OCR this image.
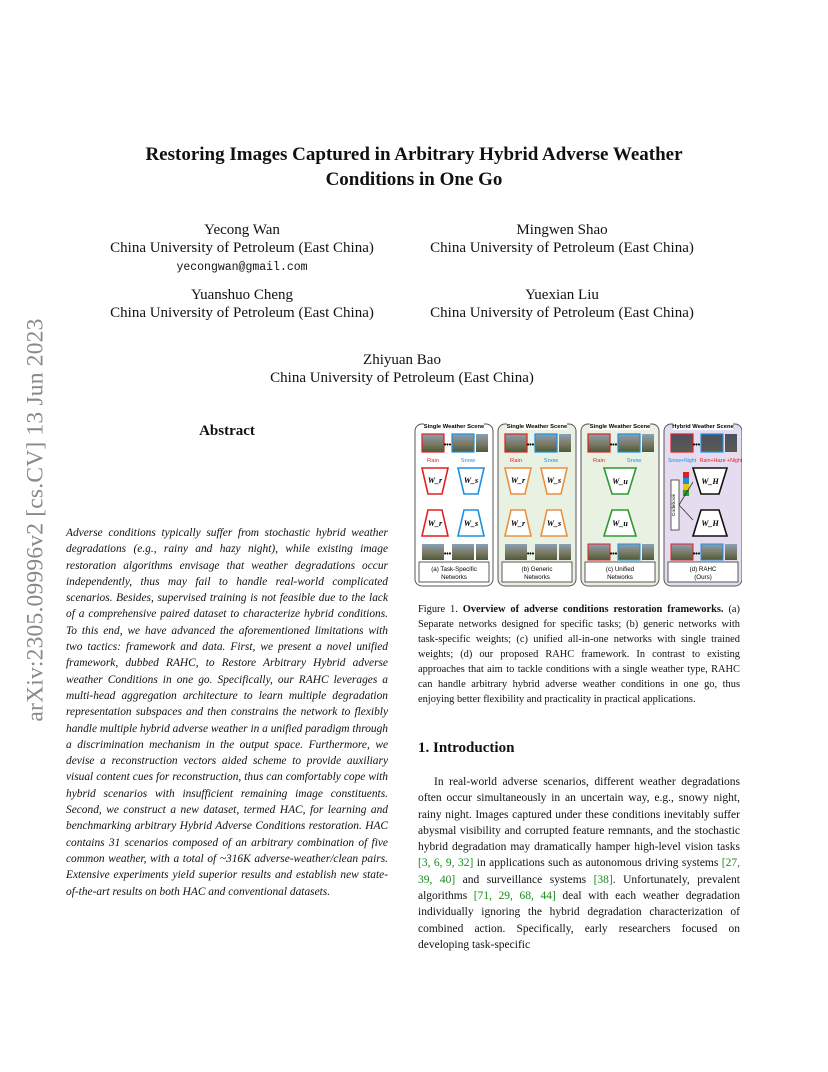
arXiv:2305.09996v2 [cs.CV] 13 Jun 2023
Restoring Images Captured in Arbitrary Hybrid Adverse Weather
Conditions in One Go
Yecong Wan
China University of Petroleum (East China)
yecongwan@gmail.com
Mingwen Shao
China University of Petroleum (East China)
Yuanshuo Cheng
China University of Petroleum (East China)
Yuexian Liu
China University of Petroleum (East China)
Zhiyuan Bao
China University of Petroleum (East China)
Abstract
Adverse conditions typically suffer from stochastic hybrid weather degradations (e.g., rainy and hazy night), while existing image restoration algorithms envisage that weather degradations occur independently, thus may fail to handle real-world complicated scenarios. Besides, supervised training is not feasible due to the lack of a comprehensive paired dataset to characterize hybrid conditions. To this end, we have advanced the aforementioned limitations with two tactics: framework and data. First, we present a novel unified framework, dubbed RAHC, to Restore Arbitrary Hybrid adverse weather Conditions in one go. Specifically, our RAHC leverages a multi-head aggregation architecture to learn multiple degradation representation subspaces and then constrains the network to flexibly handle multiple hybrid adverse weather in a unified paradigm through a discrimination mechanism in the output space. Furthermore, we devise a reconstruction vectors aided scheme to provide auxiliary visual content cues for reconstruction, thus can comfortably cope with hybrid scenarios with insufficient remaining image constituents. Second, we construct a new dataset, termed HAC, for learning and benchmarking arbitrary Hybrid Adverse Conditions restoration. HAC contains 31 scenarios composed of an arbitrary combination of five common weather, with a total of ~316K adverse-weather/clean pairs. Extensive experiments yield superior results and establish new state-of-the-art results on both HAC and conventional datasets.
Single Weather Scene
•••
Rain	Snow
W_r	W_s
W_r	W_s
•••
(a) Task-Specific
Networks
Single Weather Scene
•••
Rain	Snow
W_r	W_s
W_r	W_s
•••
(b) Generic
Networks
Single Weather Scene
•••
Rain	Snow
W_u
W_u
•••
(c) Unified
Networks
Hybrid Weather Scene
•••
Snow+Night Rain+Haze +Night
Codebook
W_H
W_H
•••
(d) RAHC
(Ours)
Figure 1. Overview of adverse conditions restoration frameworks. (a) Separate networks designed for specific tasks; (b) generic networks with task-specific weights; (c) unified all-in-one networks with single trained weights; (d) our proposed RAHC framework. In contrast to existing approaches that aim to tackle conditions with a single weather type, RAHC can handle arbitrary hybrid adverse weather conditions in one go, thus enjoying better flexibility and practicality in practical applications.
1. Introduction

In real-world adverse scenarios, different weather degradations often occur simultaneously in an uncertain way, e.g., snowy night, rainy night. Images captured under these conditions inevitably suffer abysmal visibility and corrupted feature remnants, and the stochastic hybrid degradation may dramatically hamper high-level vision tasks [3, 6, 9, 32] in applications such as autonomous driving systems [27, 39, 40] and surveillance systems [38]. Unfortunately, prevalent algorithms [71, 29, 68, 44] deal with each weather degradation individually ignoring the hybrid degradation characterization of combined action. Specifically, early researchers focused on developing task-specific
